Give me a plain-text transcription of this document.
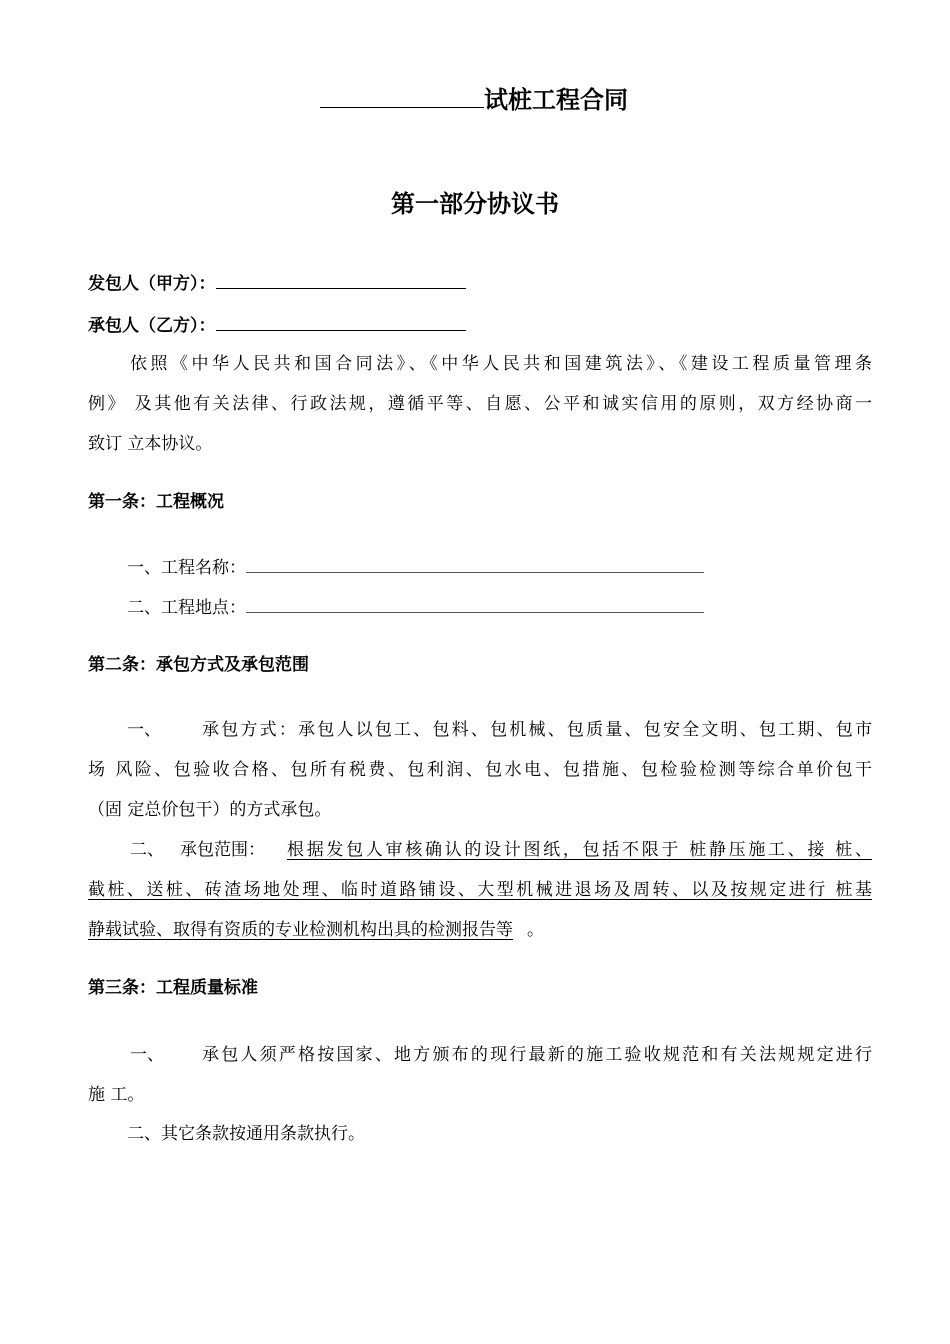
试桩工程合同
第一部分协议书
发包人（甲方）：
承包人（乙方）：
依照《中华人民共和国合同法》、《中华人民共和国建筑法》、《建设工程质量管理条
例》 及其他有关法律、行政法规，遵循平等、自愿、公平和诚实信用的原则，双方经协商一
致订 立本协议。
第一条：工程概况
一、工程名称：
二、工程地点：
第二条：承包方式及承包范围
一、 承包方式：承包人以包工、包料、包机械、包质量、包安全文明、包工期、包市
场 风险、包验收合格、包所有税费、包利润、包水电、包措施、包检验检测等综合单价包干
（固 定总价包干）的方式承包。
二、 承包范围： 根据发包人审核确认的设计图纸，包括不限于 桩静压施工、接 桩、
截桩、送桩、砖渣场地处理、临时道路铺设、大型机械进退场及周转、以及按规定进行 桩基
静载试验、取得有资质的专业检测机构出具的检测报告等 。
第三条：工程质量标准
一、 承包人须严格按国家、地方颁布的现行最新的施工验收规范和有关法规规定进行
施 工。
二、其它条款按通用条款执行。
